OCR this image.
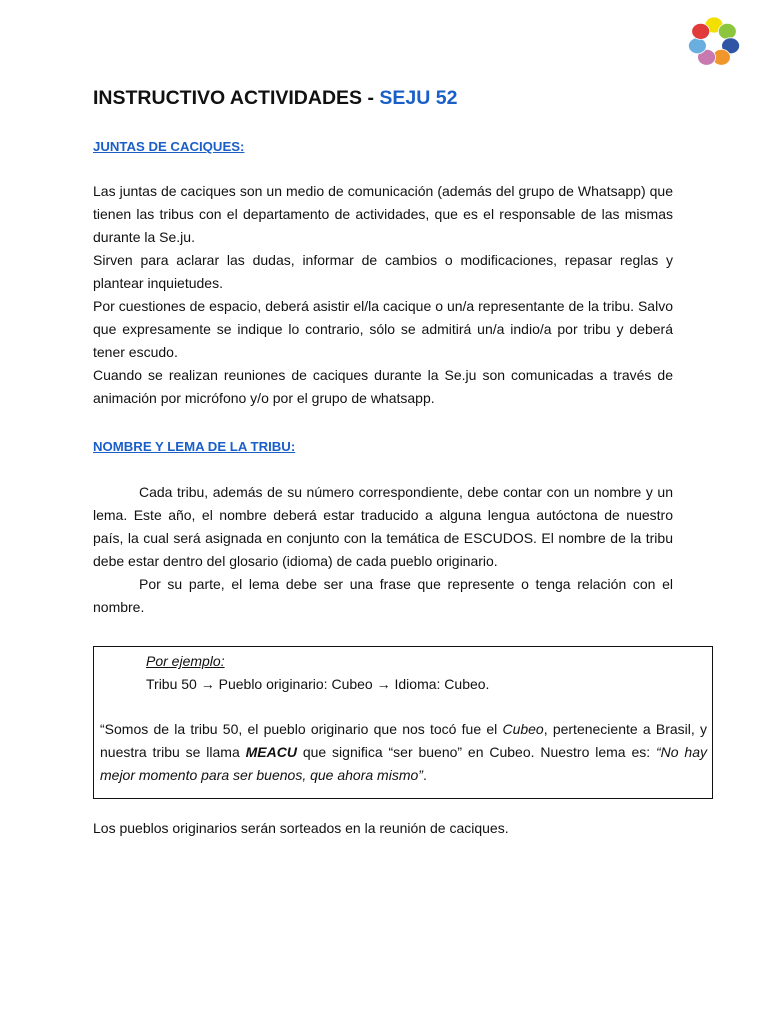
INSTRUCTIVO ACTIVIDADES - SEJU 52
JUNTAS DE CACIQUES:

Las juntas de caciques son un medio de comunicación (además del grupo de Whatsapp) que tienen las tribus con el departamento de actividades, que es el responsable de las mismas durante la Se.ju.

Sirven para aclarar las dudas, informar de cambios o modificaciones, repasar reglas y plantear inquietudes.

Por cuestiones de espacio, deberá asistir el/la cacique o un/a representante de la tribu. Salvo que expresamente se indique lo contrario, sólo se admitirá un/a indio/a por tribu y deberá tener escudo.

Cuando se realizan reuniones de caciques durante la Se.ju son comunicadas a través de animación por micrófono y/o por el grupo de whatsapp.

NOMBRE Y LEMA DE LA TRIBU:

Cada tribu, además de su número correspondiente, debe contar con un nombre y un lema. Este año, el nombre deberá estar traducido a alguna lengua autóctona de nuestro país, la cual será asignada en conjunto con la temática de ESCUDOS. El nombre de la tribu debe estar dentro del glosario (idioma) de cada pueblo originario.

Por su parte, el lema debe ser una frase que represente o tenga relación con el nombre.

Por ejemplo:
Tribu 50 → Pueblo originario: Cubeo → Idioma: Cubeo.
“Somos de la tribu 50, el pueblo originario que nos tocó fue el Cubeo, perteneciente a Brasil, y nuestra tribu se llama MEACU que significa “ser bueno” en Cubeo. Nuestro lema es: “No hay mejor momento para ser buenos, que ahora mismo”.
Los pueblos originarios serán sorteados en la reunión de caciques.
